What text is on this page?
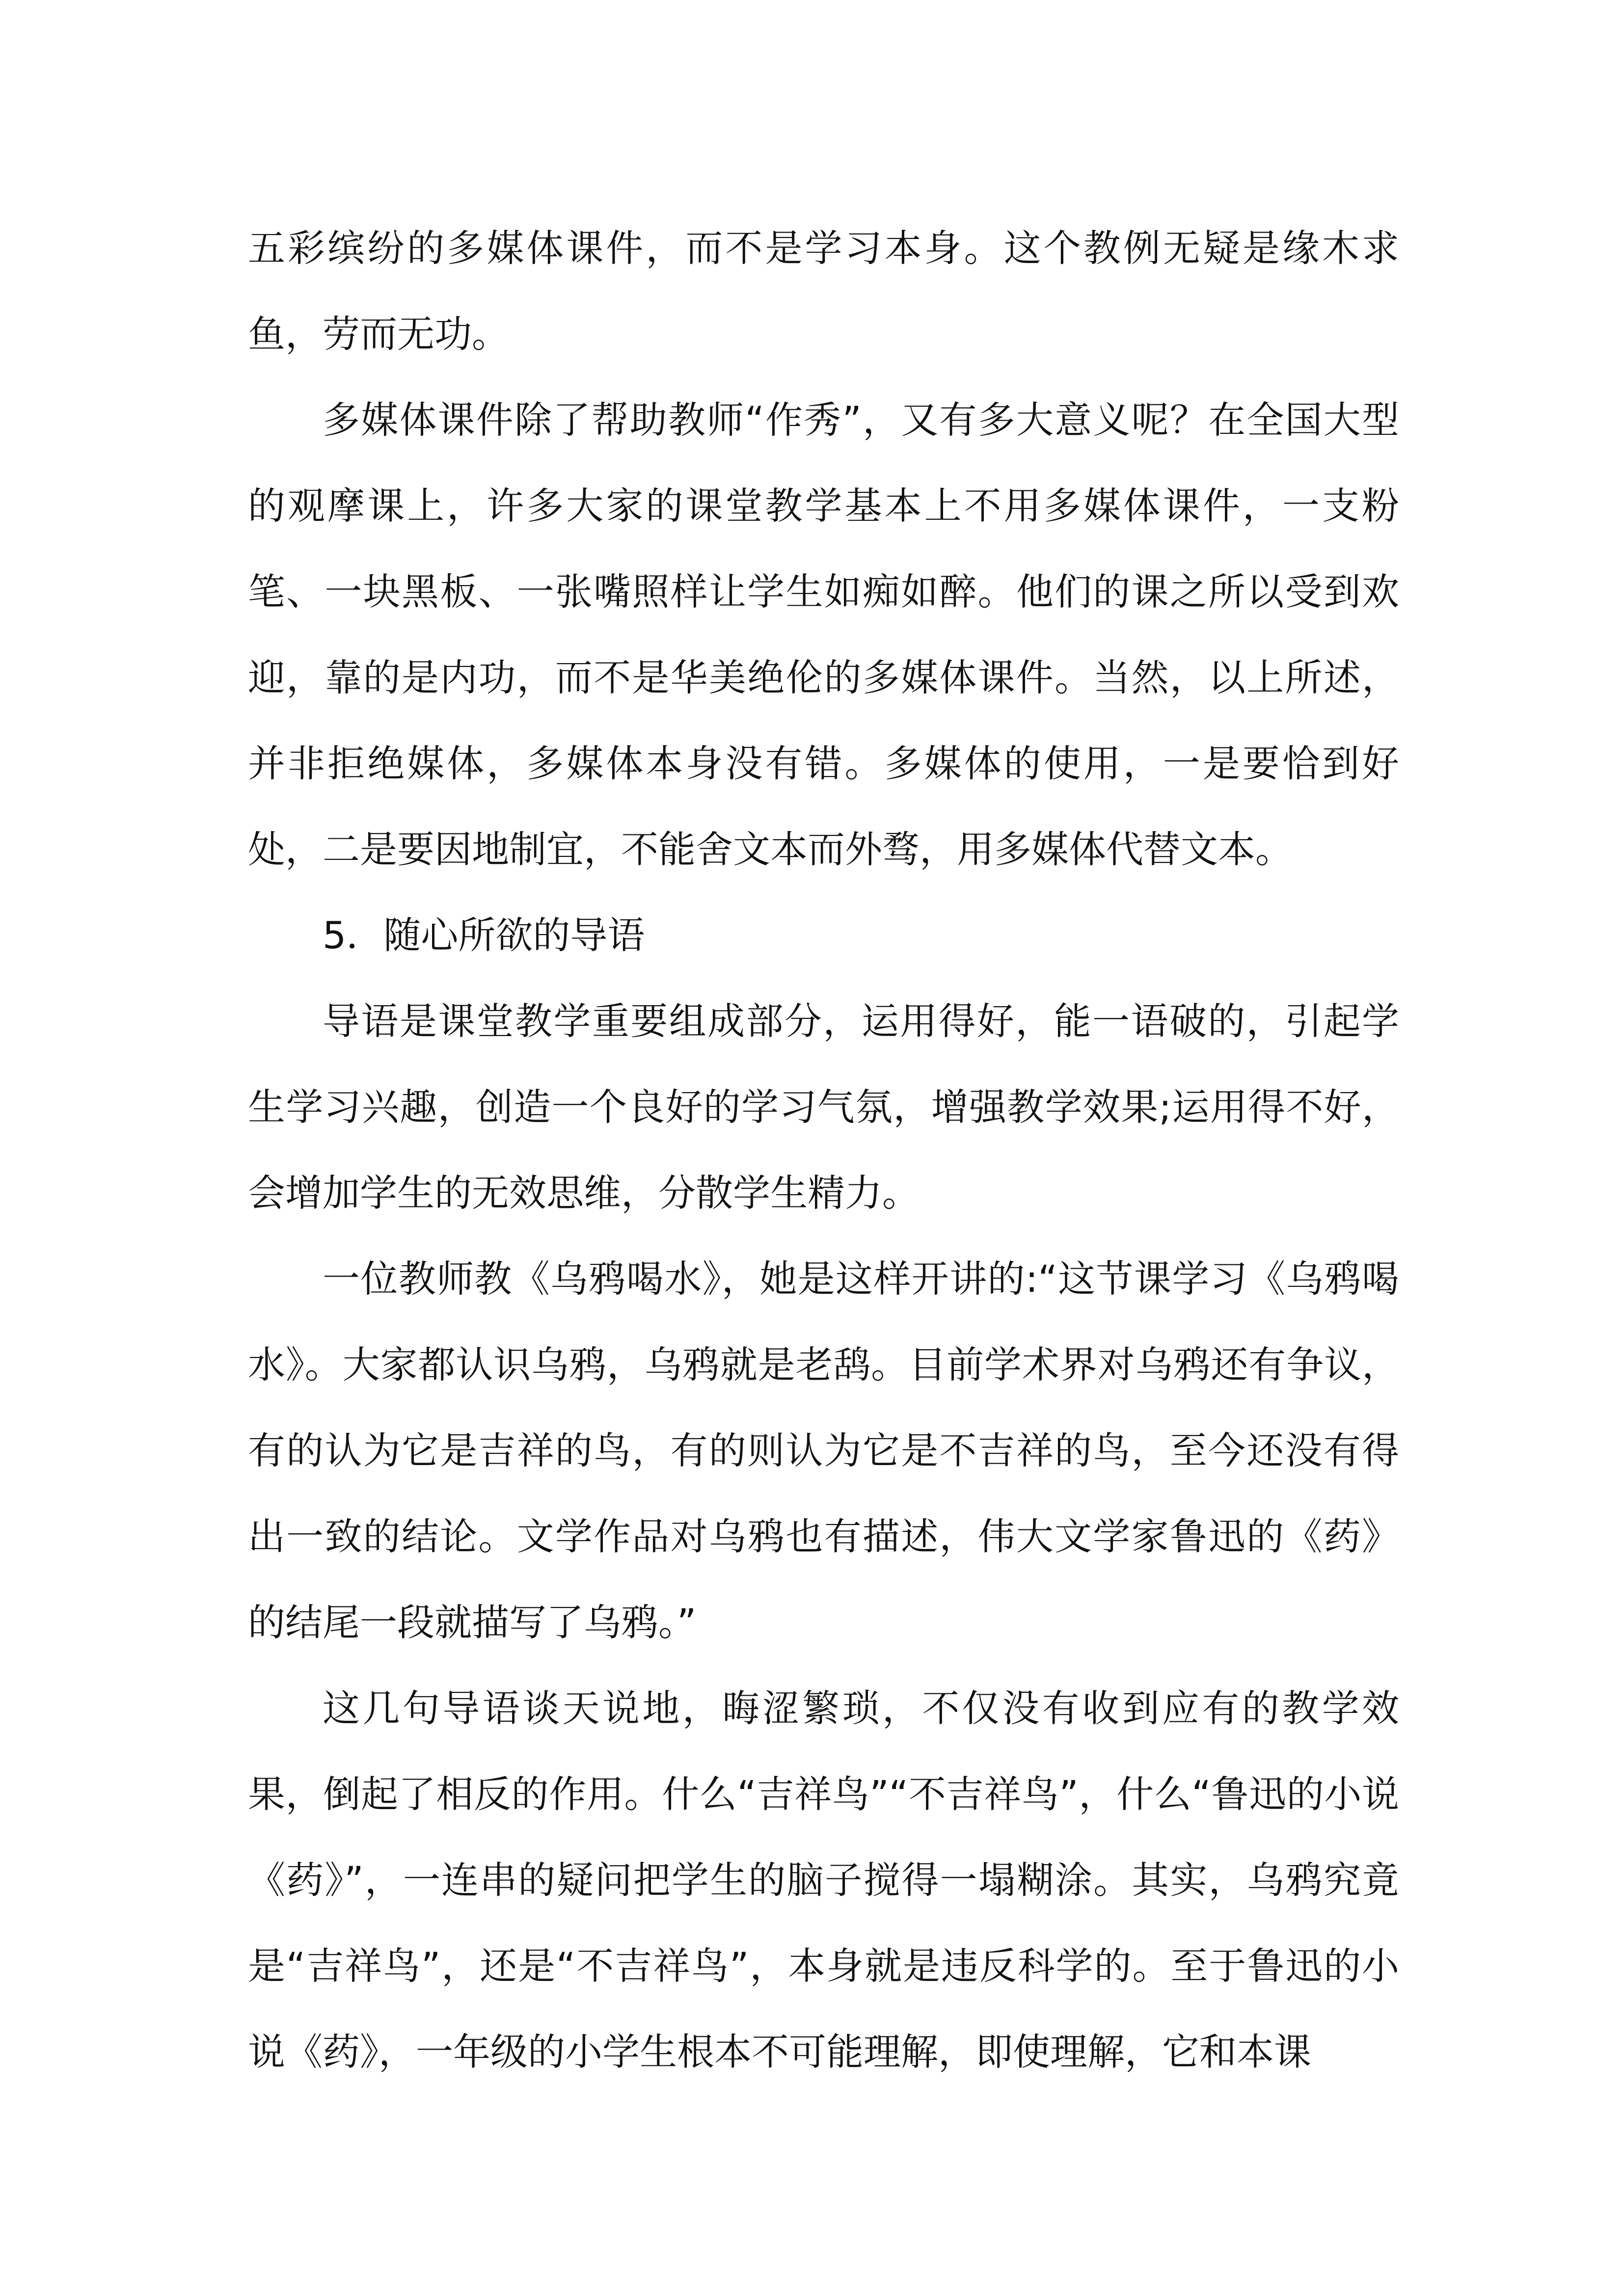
五彩缤纷的多媒体课件，而不是学习本身。这个教例无疑是缘木求鱼，劳而无功。

多媒体课件除了帮助教师“作秀”，又有多大意义呢？在全国大型的观摩课上，许多大家的课堂教学基本上不用多媒体课件，一支粉笔、一块黑板、一张嘴照样让学生如痴如醉。他们的课之所以受到欢迎，靠的是内功，而不是华美绝伦的多媒体课件。当然，以上所述，并非拒绝媒体，多媒体本身没有错。多媒体的使用，一是要恰到好处，二是要因地制宜，不能舍文本而外骛，用多媒体代替文本。

5．随心所欲的导语

导语是课堂教学重要组成部分，运用得好，能一语破的，引起学生学习兴趣，创造一个良好的学习气氛，增强教学效果;运用得不好，会增加学生的无效思维，分散学生精力。

一位教师教《乌鸦喝水》，她是这样开讲的:“这节课学习《乌鸦喝水》。大家都认识乌鸦，乌鸦就是老鸹。目前学术界对乌鸦还有争议，有的认为它是吉祥的鸟，有的则认为它是不吉祥的鸟，至今还没有得出一致的结论。文学作品对乌鸦也有描述，伟大文学家鲁迅的《药》的结尾一段就描写了乌鸦。”

这几句导语谈天说地，晦涩繁琐，不仅没有收到应有的教学效果，倒起了相反的作用。什么“吉祥鸟”“不吉祥鸟”，什么“鲁迅的小说《药》”，一连串的疑问把学生的脑子搅得一塌糊涂。其实，乌鸦究竟是“吉祥鸟”，还是“不吉祥鸟”，本身就是违反科学的。至于鲁迅的小说《药》，一年级的小学生根本不可能理解，即使理解，它和本课
